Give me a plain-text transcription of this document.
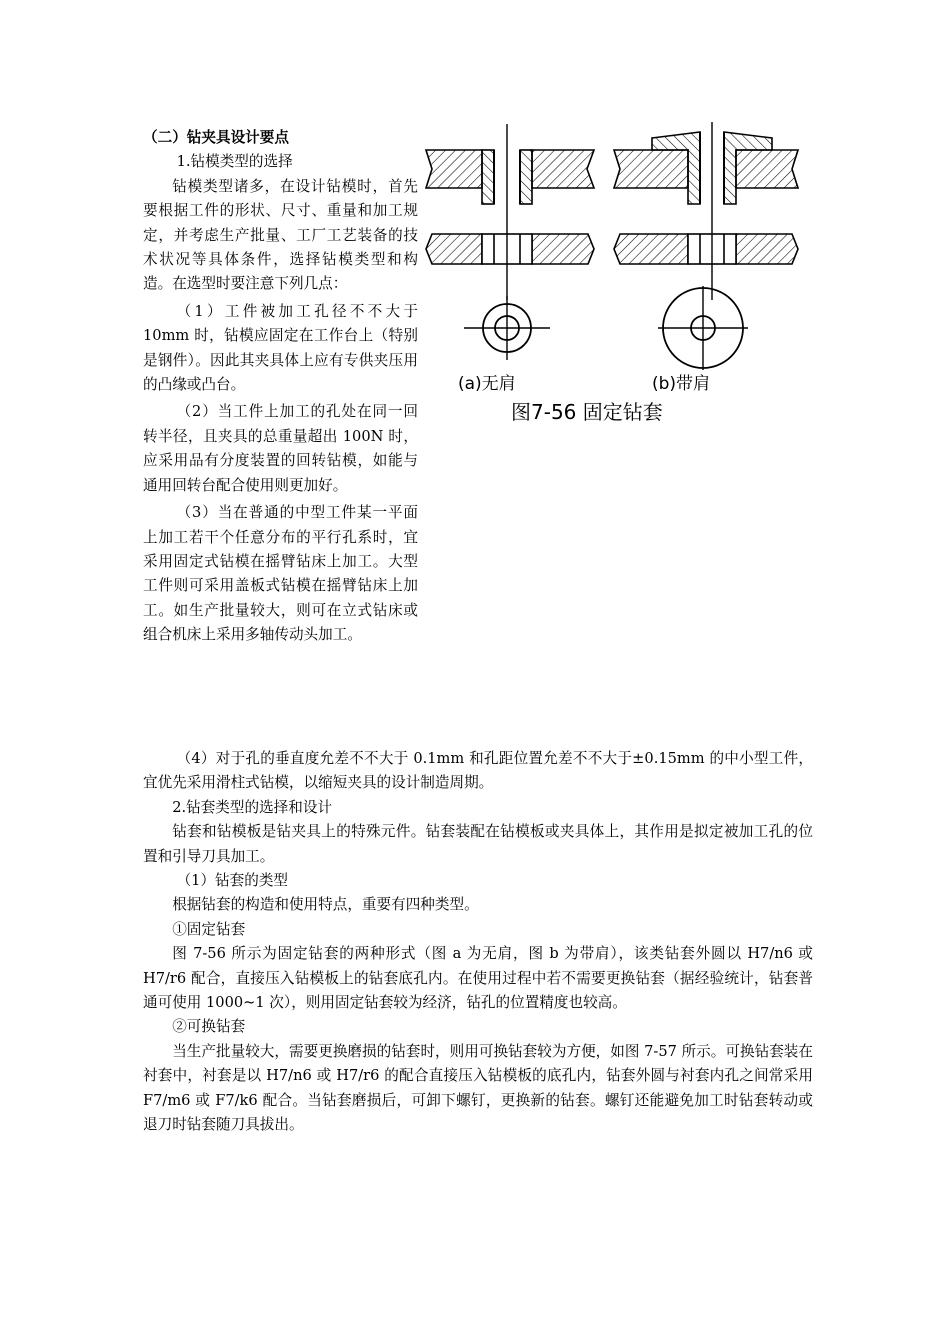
（二）钻夹具设计要点

1.钻模类型的选择

钻模类型诸多，在设计钻模时，首先要根据工件的形状、尺寸、重量和加工规定，并考虑生产批量、工厂工艺装备的技术状况等具体条件，选择钻模类型和构造。在选型时要注意下列几点：

（1）工件被加工孔径不不大于10mm 时，钻模应固定在工作台上（特别是钢件）。因此其夹具体上应有专供夹压用的凸缘或凸台。

（2）当工件上加工的孔处在同一回转半径，且夹具的总重量超出 100N 时，应采用品有分度装置的回转钻模，如能与通用回转台配合使用则更加好。

（3）当在普通的中型工件某一平面上加工若干个任意分布的平行孔系时，宜采用固定式钻模在摇臂钻床上加工。大型工件则可采用盖板式钻模在摇臂钻床上加工。如生产批量较大，则可在立式钻床或组合机床上采用多轴传动头加工。

(a)无肩	(b)带肩
图7-56 固定钻套

（4）对于孔的垂直度允差不不大于 0.1mm 和孔距位置允差不不大于±0.15mm 的中小型工件，宜优先采用滑柱式钻模，以缩短夹具的设计制造周期。

2.钻套类型的选择和设计

钻套和钻模板是钻夹具上的特殊元件。钻套装配在钻模板或夹具体上，其作用是拟定被加工孔的位置和引导刀具加工。

（1）钻套的类型

根据钻套的构造和使用特点，重要有四种类型。

①固定钻套

图 7-56 所示为固定钻套的两种形式（图 a 为无肩，图 b 为带肩），该类钻套外圆以 H7/n6 或 H7/r6 配合，直接压入钻模板上的钻套底孔内。在使用过程中若不需要更换钻套（据经验统计，钻套普通可使用 1000~1 次），则用固定钻套较为经济，钻孔的位置精度也较高。

②可换钻套

当生产批量较大，需要更换磨损的钻套时，则用可换钻套较为方便，如图 7-57 所示。可换钻套装在衬套中，衬套是以 H7/n6 或 H7/r6 的配合直接压入钻模板的底孔内，钻套外圆与衬套内孔之间常采用 F7/m6 或 F7/k6 配合。当钻套磨损后，可卸下螺钉，更换新的钻套。螺钉还能避免加工时钻套转动或退刀时钻套随刀具拔出。
